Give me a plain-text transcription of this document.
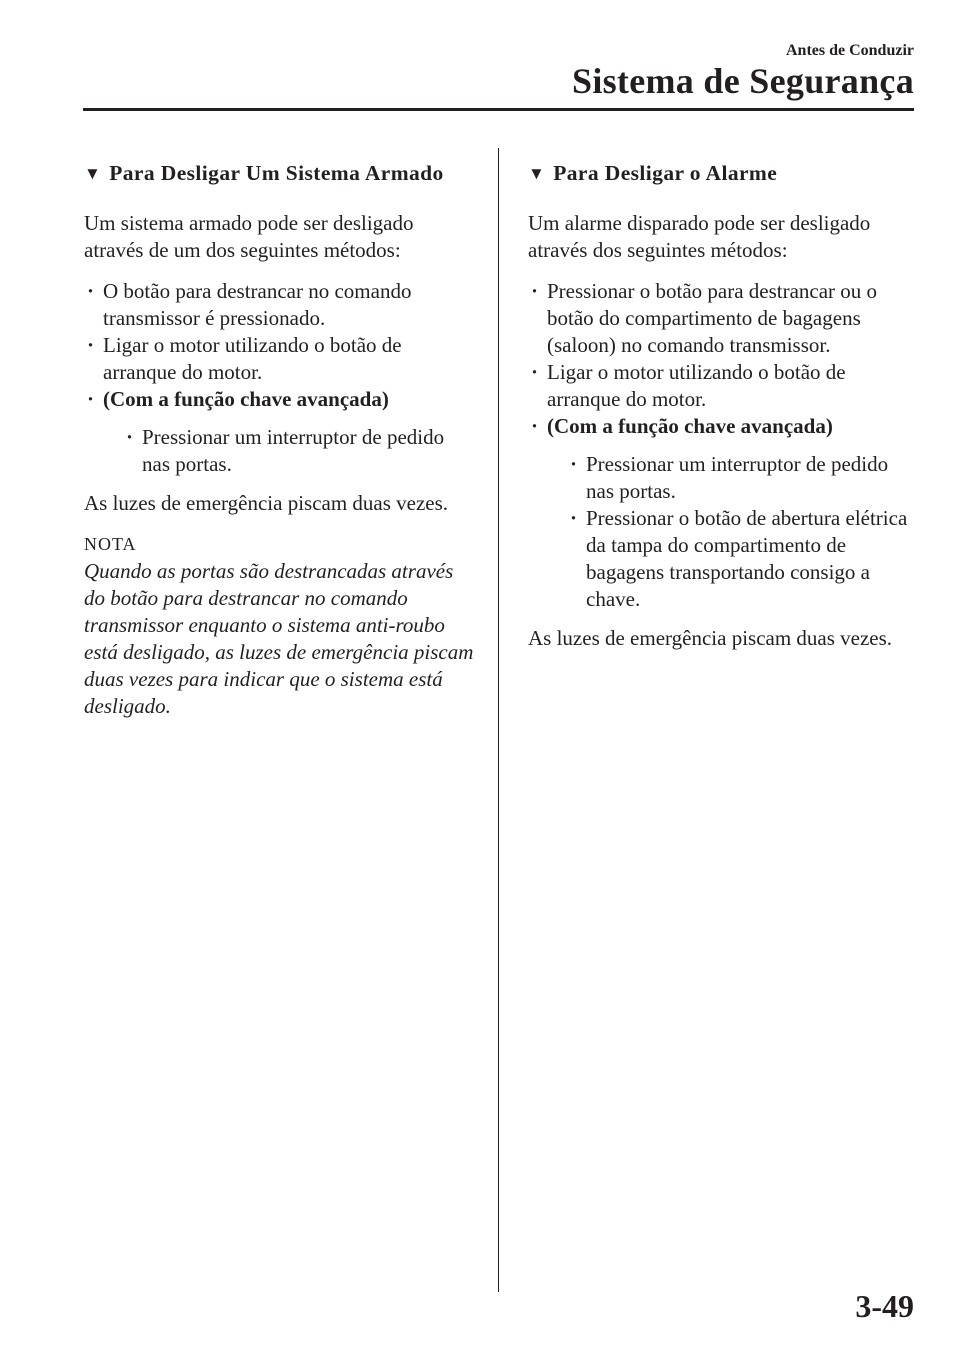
Antes de Conduzir
Sistema de Segurança
▼ Para Desligar Um Sistema Armado

Um sistema armado pode ser desligado através de um dos seguintes métodos:

· O botão para destrancar no comando transmissor é pressionado.
· Ligar o motor utilizando o botão de arranque do motor.
· (Com a função chave avançada)
· Pressionar um interruptor de pedido nas portas.

As luzes de emergência piscam duas vezes.

NOTA

Quando as portas são destrancadas através do botão para destrancar no comando transmissor enquanto o sistema anti-roubo está desligado, as luzes de emergência piscam duas vezes para indicar que o sistema está desligado.

▼ Para Desligar o Alarme

Um alarme disparado pode ser desligado através dos seguintes métodos:

· Pressionar o botão para destrancar ou o botão do compartimento de bagagens (saloon) no comando transmissor.
· Ligar o motor utilizando o botão de arranque do motor.
· (Com a função chave avançada)
· Pressionar um interruptor de pedido nas portas.
· Pressionar o botão de abertura elétrica da tampa do compartimento de bagagens transportando consigo a chave.

As luzes de emergência piscam duas vezes.

3-49
